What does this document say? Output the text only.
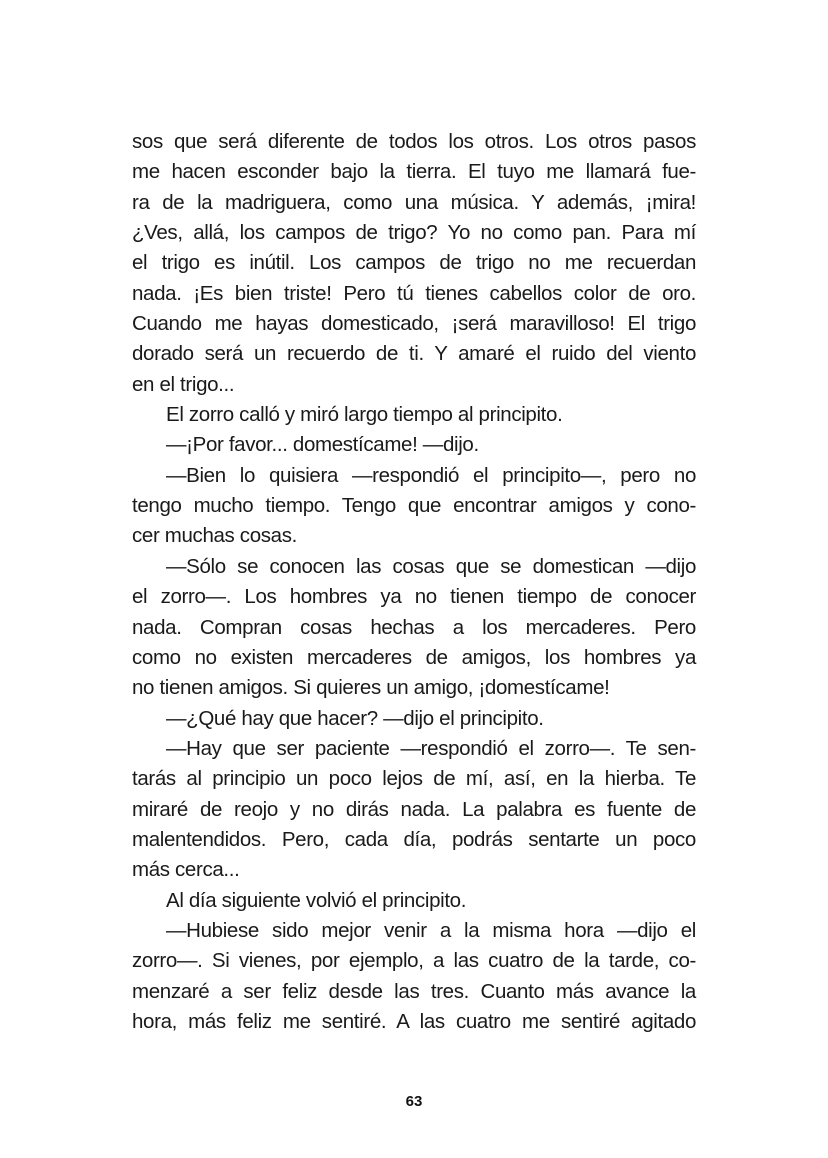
sos que será diferente de todos los otros. Los otros pasos
me hacen esconder bajo la tierra. El tuyo me llamará fue-
ra de la madriguera, como una música. Y además, ¡mira!
¿Ves, allá, los campos de trigo? Yo no como pan. Para mí
el trigo es inútil. Los campos de trigo no me recuerdan
nada. ¡Es bien triste! Pero tú tienes cabellos color de oro.
Cuando me hayas domesticado, ¡será maravilloso! El trigo
dorado será un recuerdo de ti. Y amaré el ruido del viento
en el trigo...
El zorro calló y miró largo tiempo al principito.
—¡Por favor... domestícame! —dijo.
—Bien lo quisiera —respondió el principito—, pero no
tengo mucho tiempo. Tengo que encontrar amigos y cono-
cer muchas cosas.
—Sólo se conocen las cosas que se domestican —dijo
el zorro—. Los hombres ya no tienen tiempo de conocer
nada. Compran cosas hechas a los mercaderes. Pero
como no existen mercaderes de amigos, los hombres ya
no tienen amigos. Si quieres un amigo, ¡domestícame!
—¿Qué hay que hacer? —dijo el principito.
—Hay que ser paciente —respondió el zorro—. Te sen-
tarás al principio un poco lejos de mí, así, en la hierba. Te
miraré de reojo y no dirás nada. La palabra es fuente de
malentendidos. Pero, cada día, podrás sentarte un poco
más cerca...
Al día siguiente volvió el principito.
—Hubiese sido mejor venir a la misma hora —dijo el
zorro—. Si vienes, por ejemplo, a las cuatro de la tarde, co-
menzaré a ser feliz desde las tres. Cuanto más avance la
hora, más feliz me sentiré. A las cuatro me sentiré agitado
63
